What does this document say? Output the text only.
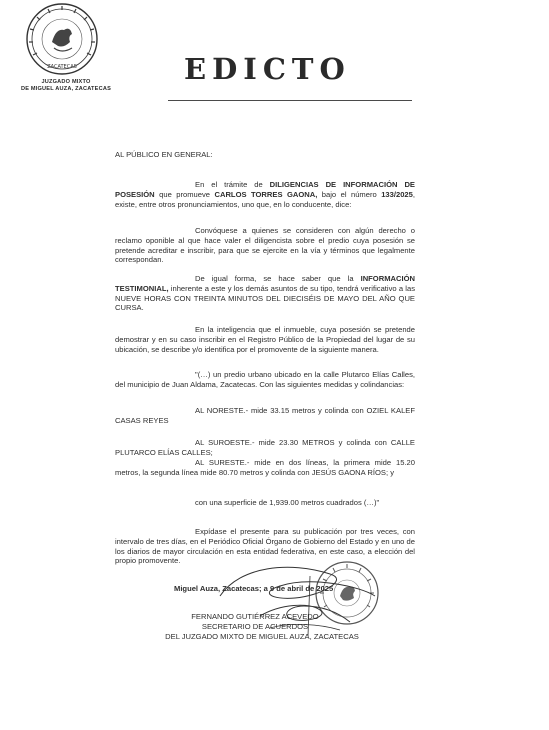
ZACATECAS
JUZGADO MIXTO
DE MIGUEL AUZA, ZACATECAS
EDICTO
AL PÚBLICO EN GENERAL:
En el trámite de DILIGENCIAS DE INFORMACIÓN DE POSESIÓN que promueve CARLOS TORRES GAONA, bajo el número 133/2025, existe, entre otros pronunciamientos, uno que, en lo conducente, dice:
Convóquese a quienes se consideren con algún derecho o reclamo oponible al que hace valer el diligencista sobre el predio cuya posesión se pretende acreditar e inscribir, para que se ejercite en la vía y términos que legalmente correspondan.
De igual forma, se hace saber que la INFORMACIÓN TESTIMONIAL, inherente a este y los demás asuntos de su tipo, tendrá verificativo a las NUEVE HORAS CON TREINTA MINUTOS DEL DIECISÉIS DE MAYO DEL AÑO QUE CURSA.
En la inteligencia que el inmueble, cuya posesión se pretende demostrar y en su caso inscribir en el Registro Público de la Propiedad del lugar de su ubicación, se describe y/o identifica por el promovente de la siguiente manera.
"(…) un predio urbano ubicado en la calle Plutarco Elías Calles, del municipio de Juan Aldama, Zacatecas. Con las siguientes medidas y colindancias:
AL NORESTE.- mide 33.15 metros y colinda con OZIEL KALEF CASAS REYES
AL SUROESTE.- mide 23.30 METROS y colinda con CALLE PLUTARCO ELÍAS CALLES;
AL SURESTE.- mide en dos líneas, la primera mide 15.20 metros, la segunda línea mide 80.70 metros y colinda con JESÚS GAONA RÍOS; y
con una superficie de 1,939.00 metros cuadrados (…)"
Expídase el presente para su publicación por tres veces, con intervalo de tres días, en el Periódico Oficial Órgano de Gobierno del Estado y en uno de los diarios de mayor circulación en esta entidad federativa, en este caso, a elección del propio promovente.
Miguel Auza, Zacatecas; a 9 de abril de 2025
FERNANDO GUTIÉRREZ ACEVEDO
SECRETARIO DE ACUERDOS
DEL JUZGADO MIXTO DE MIGUEL AUZA, ZACATECAS
